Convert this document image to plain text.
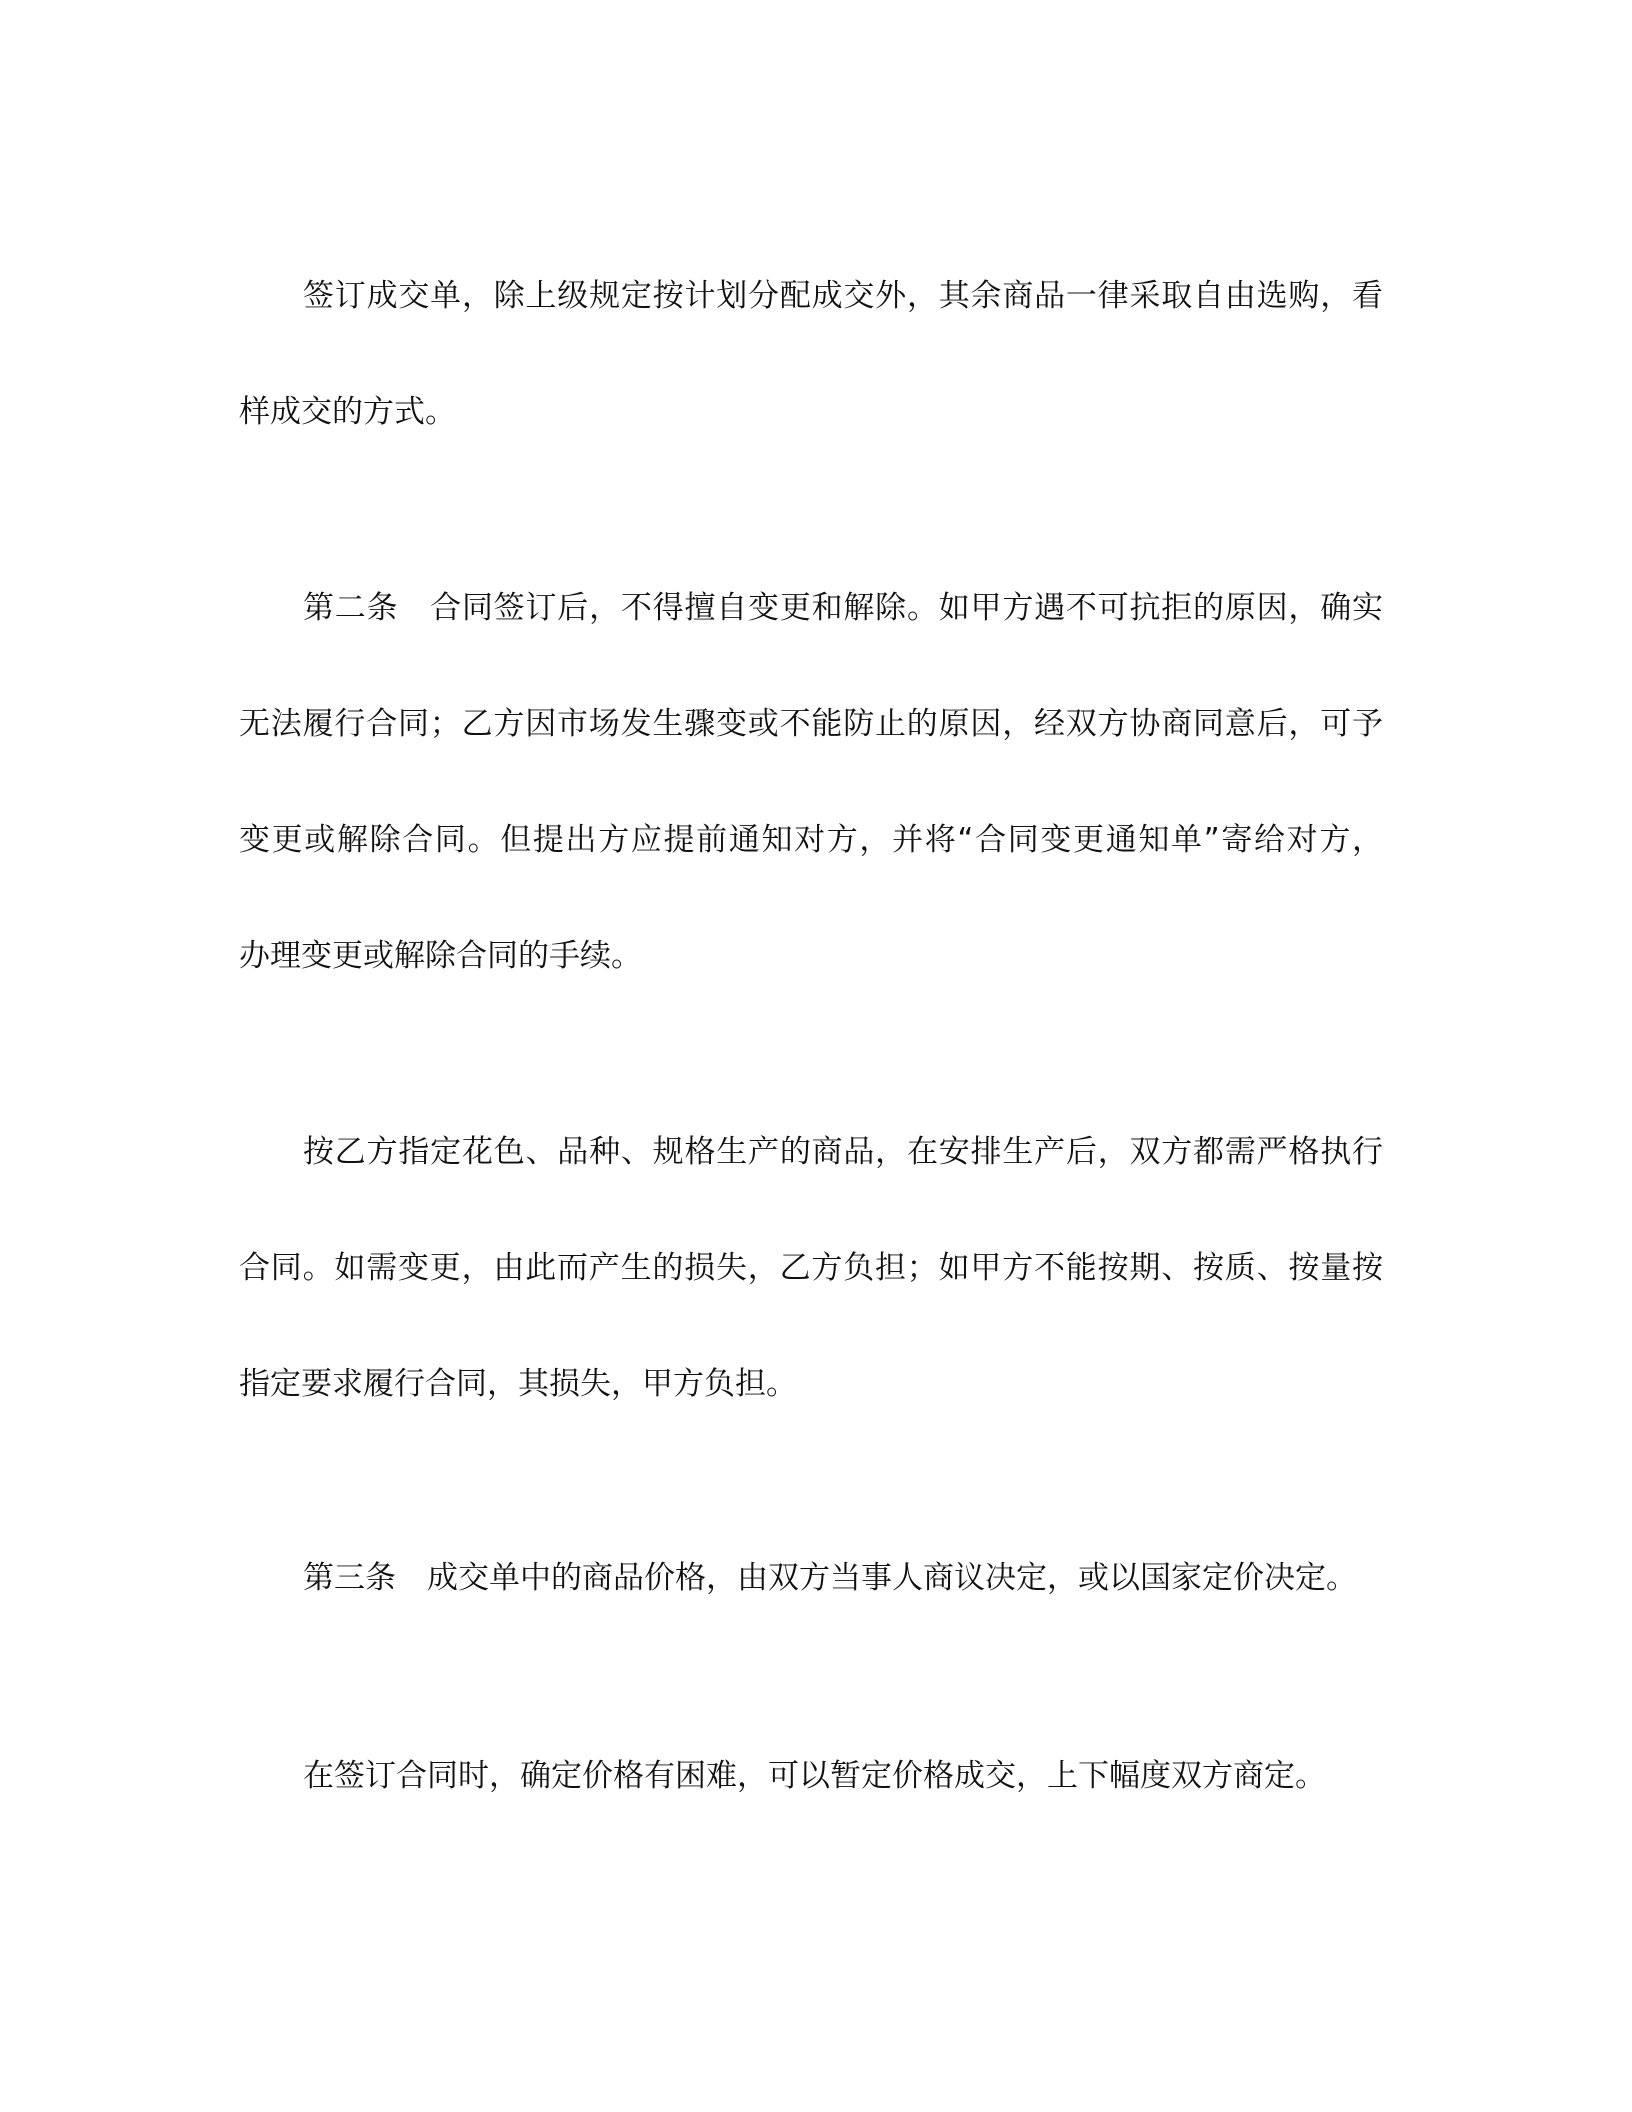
签订成交单，除上级规定按计划分配成交外，其余商品一律采取自由选购，看

样成交的方式。

第二条　合同签订后，不得擅自变更和解除。如甲方遇不可抗拒的原因，确实

无法履行合同；乙方因市场发生骤变或不能防止的原因，经双方协商同意后，可予

变更或解除合同。但提出方应提前通知对方，并将“合同变更通知单”寄给对方，

办理变更或解除合同的手续。

按乙方指定花色、品种、规格生产的商品，在安排生产后，双方都需严格执行

合同。如需变更，由此而产生的损失，乙方负担；如甲方不能按期、按质、按量按

指定要求履行合同，其损失，甲方负担。

第三条　成交单中的商品价格，由双方当事人商议决定，或以国家定价决定。

在签订合同时，确定价格有困难，可以暂定价格成交，上下幅度双方商定。
